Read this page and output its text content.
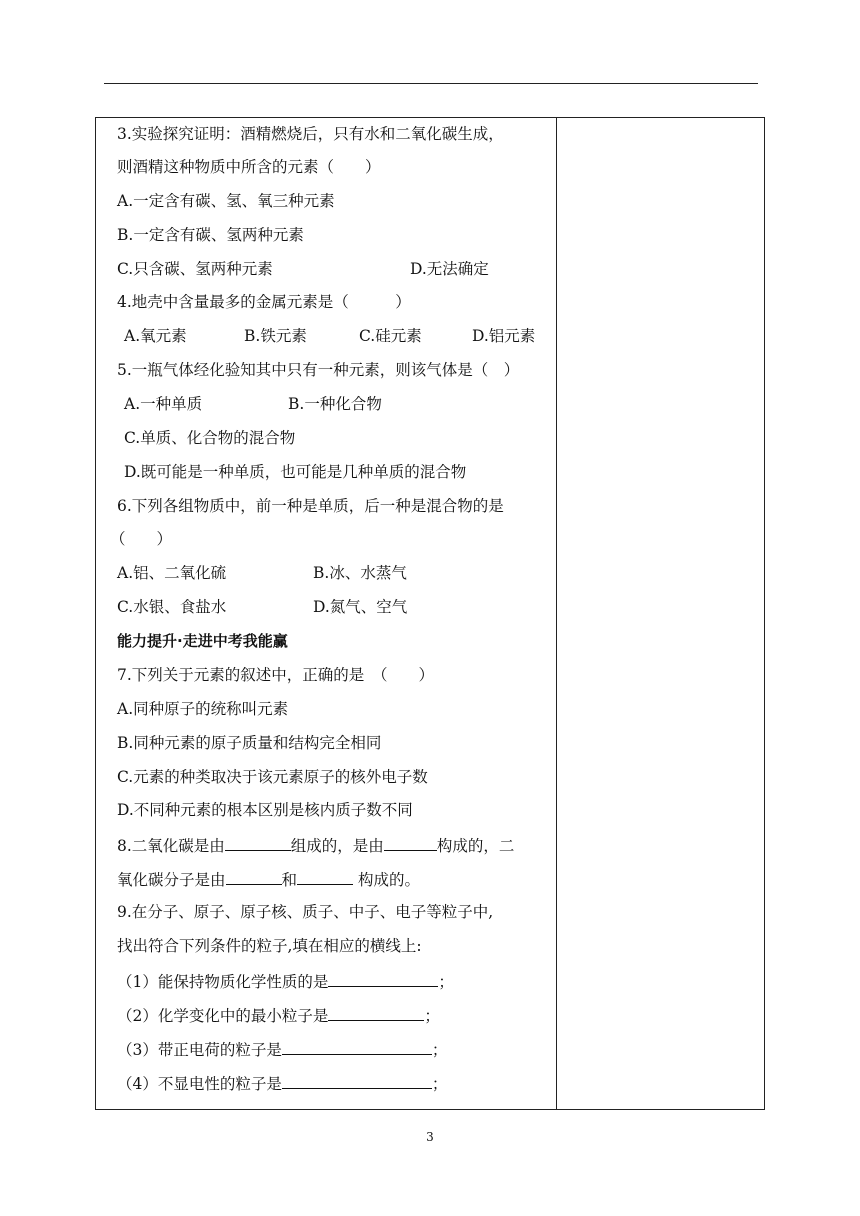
3.实验探究证明：酒精燃烧后，只有水和二氧化碳生成，
则酒精这种物质中所含的元素（　　）
A.一定含有碳、氢、氧三种元素
B.一定含有碳、氢两种元素
C.只含碳、氢两种元素	D.无法确定
4.地壳中含量最多的金属元素是（　　　）
A.氧元素	B.铁元素	C.硅元素	D.铝元素
5.一瓶气体经化验知其中只有一种元素，则该气体是（　）
A.一种单质	B.一种化合物
C.单质、化合物的混合物
D.既可能是一种单质，也可能是几种单质的混合物
6.下列各组物质中，前一种是单质，后一种是混合物的是
（　　）
A.铝、二氧化硫	B.冰、水蒸气
C.水银、食盐水	D.氮气、空气
能力提升·走进中考我能赢
7.下列关于元素的叙述中，正确的是　（　　）
A.同种原子的统称叫元素
B.同种元素的原子质量和结构完全相同
C.元素的种类取决于该元素原子的核外电子数
D.不同种元素的根本区别是核内质子数不同
8.二氧化碳是由	组成的，是由	构成的，二
氧化碳分子是由	和	构成的。
9.在分子、原子、原子核、质子、中子、电子等粒子中,
找出符合下列条件的粒子,填在相应的横线上:
（1）能保持物质化学性质的是	；
（2）化学变化中的最小粒子是	；
（3）带正电荷的粒子是	；
（4）不显电性的粒子是	；
3
